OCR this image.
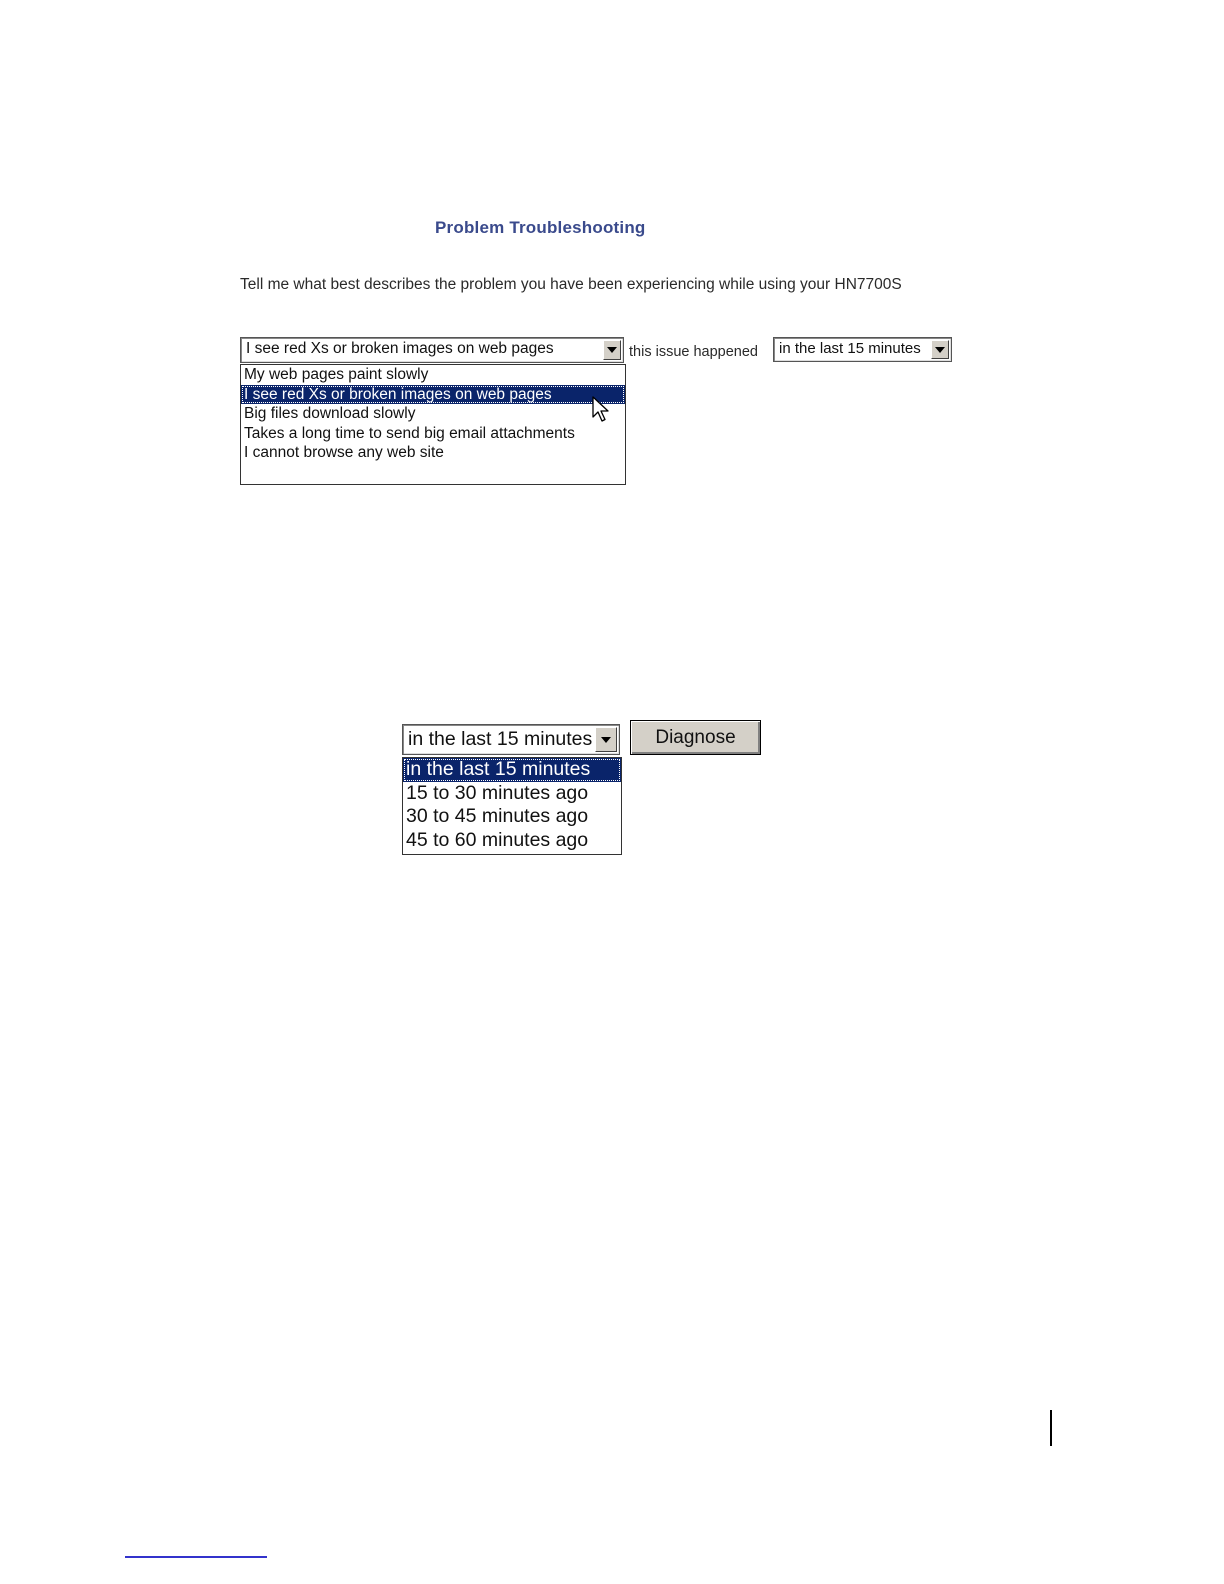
Problem Troubleshooting
Tell me what best describes the problem you have been experiencing while using your HN7700S
I see red Xs or broken images on web pages
My web pages paint slowly
I see red Xs or broken images on web pages
Big files download slowly
Takes a long time to send big email attachments
I cannot browse any web site
this issue happened in the last 15 minutes
in the last 15 minutes
in the last 15 minutes
15 to 30 minutes ago
30 to 45 minutes ago
45 to 60 minutes ago
Diagnose
